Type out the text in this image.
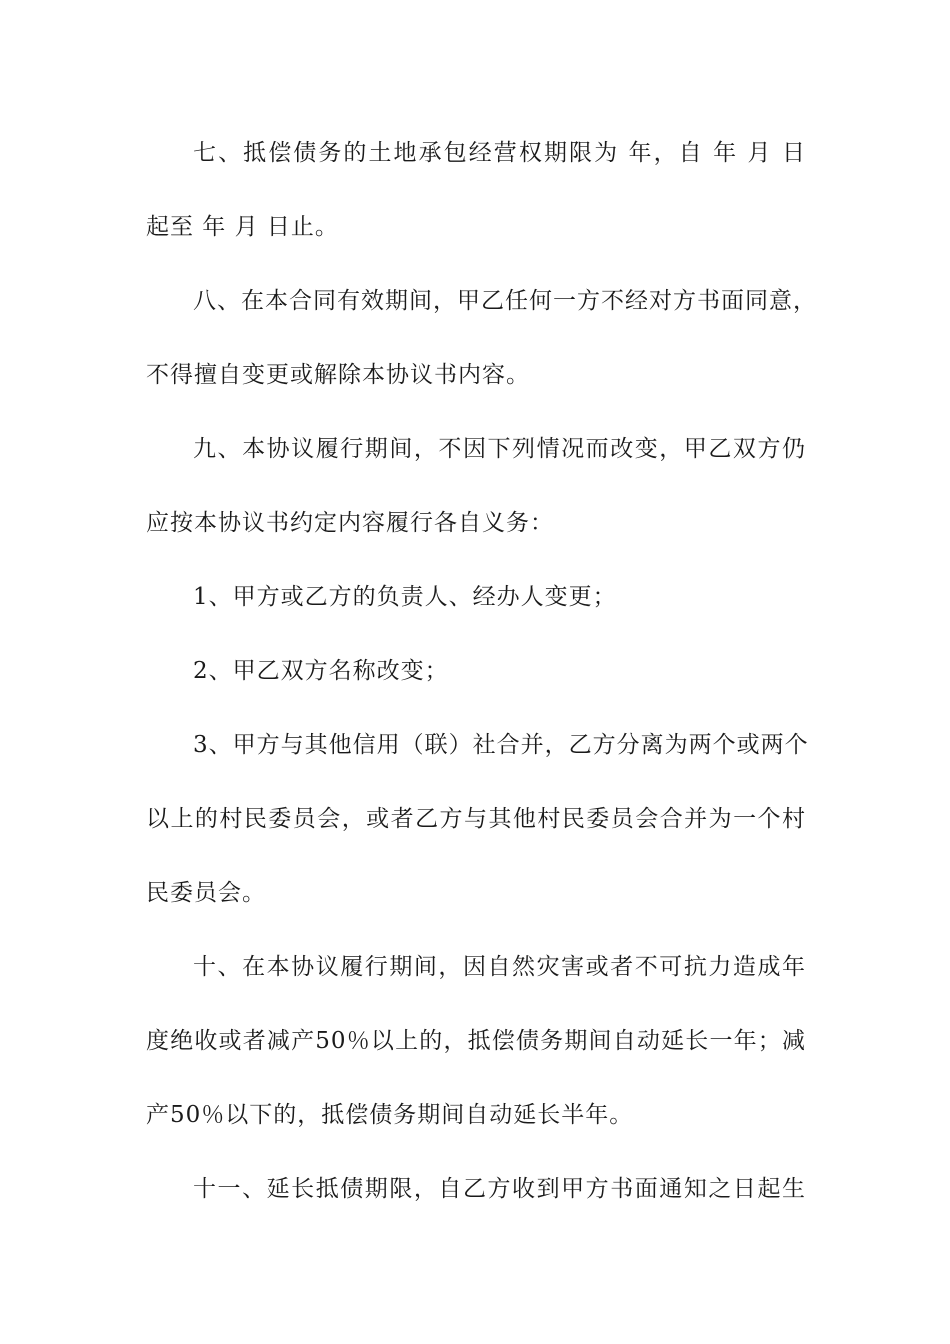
七、抵偿债务的土地承包经营权期限为 年，自 年 月 日
起至 年 月 日止。
八、在本合同有效期间，甲乙任何一方不经对方书面同意，
不得擅自变更或解除本协议书内容。
九、本协议履行期间，不因下列情况而改变，甲乙双方仍
应按本协议书约定内容履行各自义务：
1、甲方或乙方的负责人、经办人变更；
2、甲乙双方名称改变；
3、甲方与其他信用（联）社合并，乙方分离为两个或两个
以上的村民委员会，或者乙方与其他村民委员会合并为一个村
民委员会。
十、在本协议履行期间，因自然灾害或者不可抗力造成年
度绝收或者减产50％以上的，抵偿债务期间自动延长一年；减
产50％以下的，抵偿债务期间自动延长半年。
十一、延长抵债期限，自乙方收到甲方书面通知之日起生
